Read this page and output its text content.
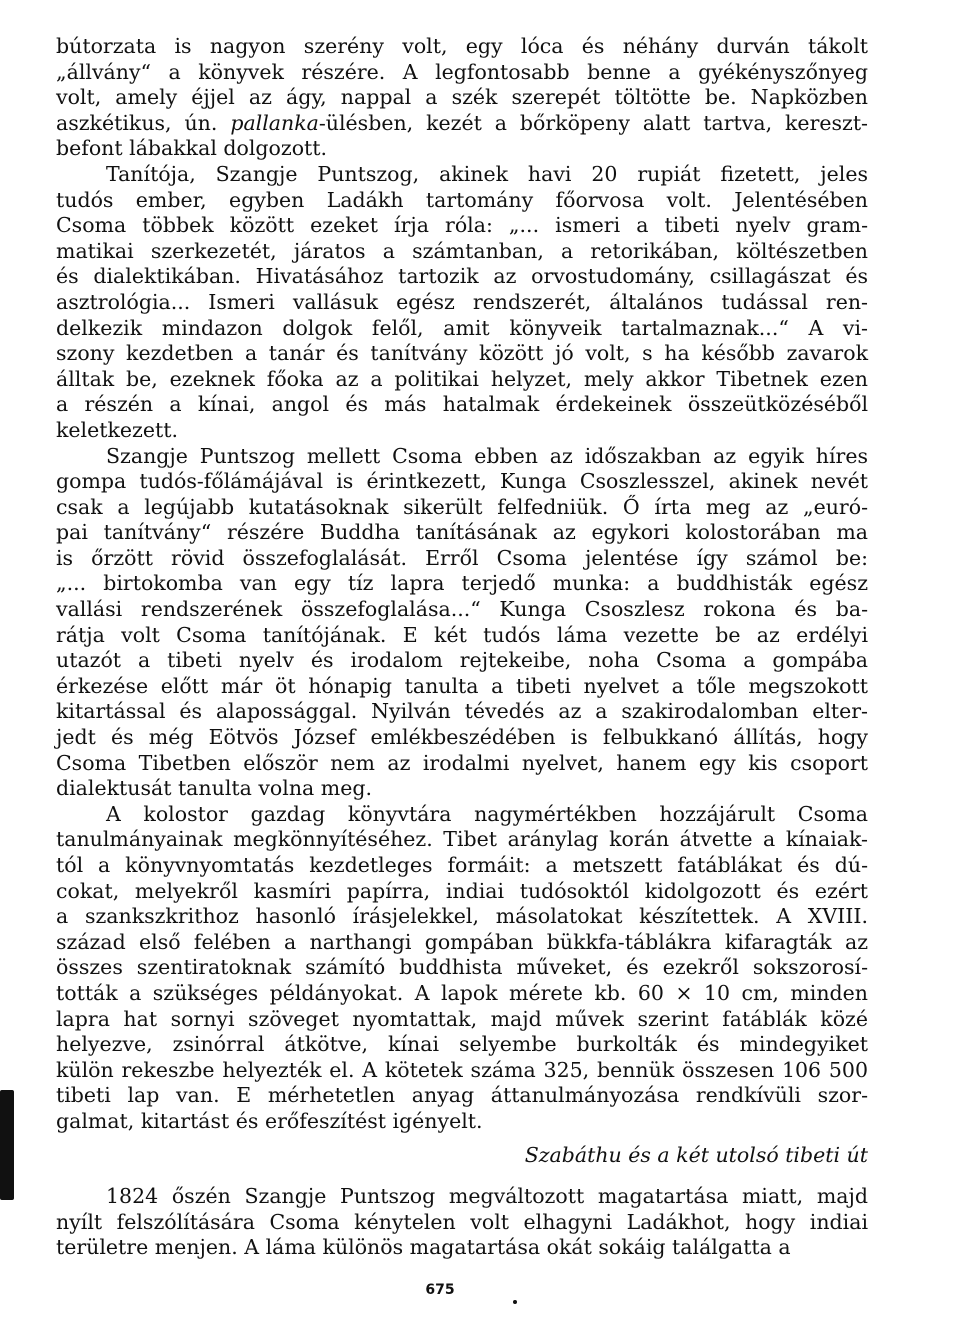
bútorzata is nagyon szerény volt, egy lóca és néhány durván tákolt
„állvány“ a könyvek részére. A legfontosabb benne a gyékényszőnyeg
volt, amely éjjel az ágy, nappal a szék szerepét töltötte be. Napközben
aszkétikus, ún. pallanka-ülésben, kezét a bőrköpeny alatt tartva, kereszt-
befont lábakkal dolgozott.
Tanítója, Szangje Puntszog, akinek havi 20 rupiát fizetett, jeles
tudós ember, egyben Ladákh tartomány főorvosa volt. Jelentésében
Csoma többek között ezeket írja róla: „... ismeri a tibeti nyelv gram-
matikai szerkezetét, járatos a számtanban, a retorikában, költészetben
és dialektikában. Hivatásához tartozik az orvostudomány, csillagászat és
asztrológia... Ismeri vallásuk egész rendszerét, általános tudással ren-
delkezik mindazon dolgok felől, amit könyveik tartalmaznak...“ A vi-
szony kezdetben a tanár és tanítvány között jó volt, s ha később zavarok
álltak be, ezeknek főoka az a politikai helyzet, mely akkor Tibetnek ezen
a részén a kínai, angol és más hatalmak érdekeinek összeütközéséből
keletkezett.
Szangje Puntszog mellett Csoma ebben az időszakban az egyik híres
gompa tudós-főlámájával is érintkezett, Kunga Csoszlesszel, akinek nevét
csak a legújabb kutatásoknak sikerült felfedniük. Ő írta meg az „euró-
pai tanítvány“ részére Buddha tanításának az egykori kolostorában ma
is őrzött rövid összefoglalását. Erről Csoma jelentése így számol be:
„... birtokomba van egy tíz lapra terjedő munka: a buddhisták egész
vallási rendszerének összefoglalása...“ Kunga Csoszlesz rokona és ba-
rátja volt Csoma tanítójának. E két tudós láma vezette be az erdélyi
utazót a tibeti nyelv és irodalom rejtekeibe, noha Csoma a gompába
érkezése előtt már öt hónapig tanulta a tibeti nyelvet a tőle megszokott
kitartással és alapossággal. Nyilván tévedés az a szakirodalomban elter-
jedt és még Eötvös József emlékbeszédében is felbukkanó állítás, hogy
Csoma Tibetben először nem az irodalmi nyelvet, hanem egy kis csoport
dialektusát tanulta volna meg.
A kolostor gazdag könyvtára nagymértékben hozzájárult Csoma
tanulmányainak megkönnyítéséhez. Tibet aránylag korán átvette a kínaiak-
tól a könyvnyomtatás kezdetleges formáit: a metszett fatáblákat és dú-
cokat, melyekről kasmíri papírra, indiai tudósoktól kidolgozott és ezért
a szankszkrithoz hasonló írásjelekkel, másolatokat készítettek. A XVIII.
század első felében a narthangi gompában bükkfa-táblákra kifaragták az
összes szentiratoknak számító buddhista műveket, és ezekről sokszorosí-
tották a szükséges példányokat. A lapok mérete kb. 60 × 10 cm, minden
lapra hat sornyi szöveget nyomtattak, majd művek szerint fatáblák közé
helyezve, zsinórral átkötve, kínai selyembe burkolták és mindegyiket
külön rekeszbe helyezték el. A kötetek száma 325, bennük összesen 106 500
tibeti lap van. E mérhetetlen anyag áttanulmányozása rendkívüli szor-
galmat, kitartást és erőfeszítést igényelt.
Szabáthu és a két utolsó tibeti út
1824 őszén Szangje Puntszog megváltozott magatartása miatt, majd
nyílt felszólítására Csoma kénytelen volt elhagyni Ladákhot, hogy indiai
területre menjen. A láma különös magatartása okát sokáig találgatta a
675
